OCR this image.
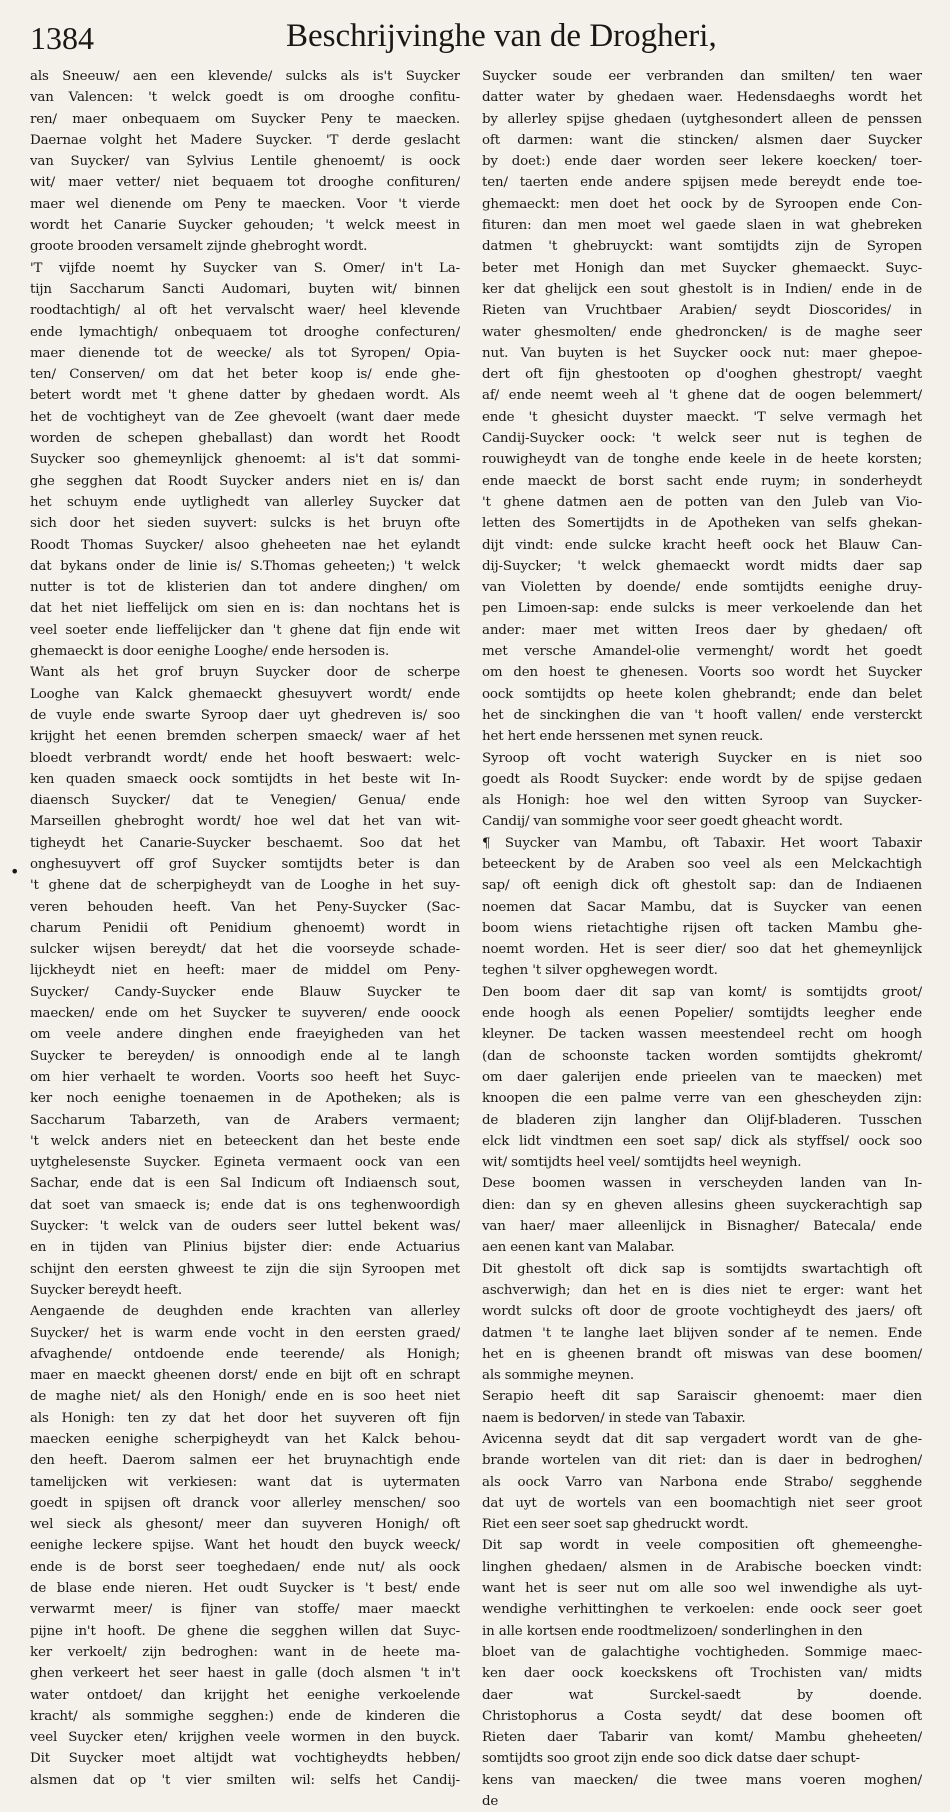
1384	Beschrijvinghe van de Drogheri,
•
als Sneeuw/ aen een klevende/ sulcks als is't Suycker
van Valencen: 't welck goedt is om drooghe confitu-
ren/ maer onbequaem om Suycker Peny te maecken.
Daernae volght het Madere Suycker. 'T derde geslacht
van Suycker/ van Sylvius Lentile ghenoemt/ is oock
wit/ maer vetter/ niet bequaem tot drooghe confituren/
maer wel dienende om Peny te maecken. Voor 't vierde
wordt het Canarie Suycker gehouden; 't welck meest in
groote brooden versamelt zijnde ghebroght wordt.
'T vijfde noemt hy Suycker van S. Omer/ in't La-
tijn Saccharum Sancti Audomari, buyten wit/ binnen
roodtachtigh/ al oft het vervalscht waer/ heel klevende
ende lymachtigh/ onbequaem tot drooghe confecturen/
maer dienende tot de weecke/ als tot Syropen/ Opia-
ten/ Conserven/ om dat het beter koop is/ ende ghe-
betert wordt met 't ghene datter by ghedaen wordt. Als
het de vochtigheyt van de Zee ghevoelt (want daer mede
worden de schepen gheballast) dan wordt het Roodt
Suycker soo ghemeynlijck ghenoemt: al is't dat sommi-
ghe segghen dat Roodt Suycker anders niet en is/ dan
het schuym ende uytlighedt van allerley Suycker dat
sich door het sieden suyvert: sulcks is het bruyn ofte
Roodt Thomas Suycker/ alsoo gheheeten nae het eylandt
dat bykans onder de linie is/ S.Thomas geheeten;) 't welck
nutter is tot de klisterien dan tot andere dinghen/ om
dat het niet lieffelijck om sien en is: dan nochtans het is
veel soeter ende lieffelijcker dan 't ghene dat fijn ende wit
ghemaeckt is door eenighe Looghe/ ende hersoden is.
Want als het grof bruyn Suycker door de scherpe
Looghe van Kalck ghemaeckt ghesuyvert wordt/ ende
de vuyle ende swarte Syroop daer uyt ghedreven is/ soo
krijght het eenen bremden scherpen smaeck/ waer af het
bloedt verbrandt wordt/ ende het hooft beswaert: welc-
ken quaden smaeck oock somtijdts in het beste wit In-
diaensch Suycker/ dat te Venegien/ Genua/ ende
Marseillen ghebroght wordt/ hoe wel dat het van wit-
tigheydt het Canarie-Suycker beschaemt. Soo dat het
onghesuyvert off grof Suycker somtijdts beter is dan
't ghene dat de scherpigheydt van de Looghe in het suy-
veren behouden heeft. Van het Peny-Suycker (Sac-
charum Penidii oft Penidium ghenoemt) wordt in
sulcker wijsen bereydt/ dat het die voorseyde schade-
lijckheydt niet en heeft: maer de middel om Peny-
Suycker/ Candy-Suycker ende Blauw Suycker te
maecken/ ende om het Suycker te suyveren/ ende ooock
om veele andere dinghen ende fraeyigheden van het
Suycker te bereyden/ is onnoodigh ende al te langh
om hier verhaelt te worden. Voorts soo heeft het Suyc-
ker noch eenighe toenaemen in de Apotheken; als is
Saccharum Tabarzeth, van de Arabers vermaent;
't welck anders niet en beteeckent dan het beste ende
uytghelesenste Suycker. Egineta vermaent oock van een
Sachar, ende dat is een Sal Indicum oft Indiaensch sout,
dat soet van smaeck is; ende dat is ons teghenwoordigh
Suycker: 't welck van de ouders seer luttel bekent was/
en in tijden van Plinius bijster dier: ende Actuarius
schijnt den eersten ghweest te zijn die sijn Syroopen met
Suycker bereydt heeft.
Aengaende de deughden ende krachten van allerley
Suycker/ het is warm ende vocht in den eersten graed/
afvaghende/ ontdoende ende teerende/ als Honigh;
maer en maeckt gheenen dorst/ ende en bijt oft en schrapt
de maghe niet/ als den Honigh/ ende en is soo heet niet
als Honigh: ten zy dat het door het suyveren oft fijn
maecken eenighe scherpigheydt van het Kalck behou-
den heeft. Daerom salmen eer het bruynachtigh ende
tamelijcken wit verkiesen: want dat is uytermaten
goedt in spijsen oft dranck voor allerley menschen/ soo
wel sieck als ghesont/ meer dan suyveren Honigh/ oft
eenighe leckere spijse. Want het houdt den buyck weeck/
ende is de borst seer toeghedaen/ ende nut/ als oock
de blase ende nieren. Het oudt Suycker is 't best/ ende
verwarmt meer/ is fijner van stoffe/ maer maeckt
pijne in't hooft. De ghene die segghen willen dat Suyc-
ker verkoelt/ zijn bedroghen: want in de heete ma-
ghen verkeert het seer haest in galle (doch alsmen 't in't
water ontdoet/ dan krijght het eenighe verkoelende
kracht/ als sommighe segghen:) ende de kinderen die
veel Suycker eten/ krijghen veele wormen in den buyck.
Dit Suycker moet altijdt wat vochtigheydts hebben/
alsmen dat op 't vier smilten wil: selfs het Candij-
Suycker soude eer verbranden dan smilten/ ten waer
datter water by ghedaen waer. Hedensdaeghs wordt het
by allerley spijse ghedaen (uytghesondert alleen de penssen
oft darmen: want die stincken/ alsmen daer Suycker
by doet:) ende daer worden seer lekere koecken/ toer-
ten/ taerten ende andere spijsen mede bereydt ende toe-
ghemaeckt: men doet het oock by de Syroopen ende Con-
fituren: dan men moet wel gaede slaen in wat ghebreken
datmen 't ghebruyckt: want somtijdts zijn de Syropen
beter met Honigh dan met Suycker ghemaeckt. Suyc-
ker dat ghelijck een sout ghestolt is in Indien/ ende in de
Rieten van Vruchtbaer Arabien/ seydt Dioscorides/ in
water ghesmolten/ ende ghedroncken/ is de maghe seer
nut. Van buyten is het Suycker oock nut: maer ghepoe-
dert oft fijn ghestooten op d'ooghen ghestropt/ vaeght
af/ ende neemt weeh al 't ghene dat de oogen belemmert/
ende 't ghesicht duyster maeckt. 'T selve vermagh het
Candij-Suycker oock: 't welck seer nut is teghen de
rouwigheydt van de tonghe ende keele in de heete korsten;
ende maeckt de borst sacht ende ruym; in sonderheydt
't ghene datmen aen de potten van den Juleb van Vio-
letten des Somertijdts in de Apotheken van selfs ghekan-
dijt vindt: ende sulcke kracht heeft oock het Blauw Can-
dij-Suycker; 't welck ghemaeckt wordt midts daer sap
van Violetten by doende/ ende somtijdts eenighe druy-
pen Limoen-sap: ende sulcks is meer verkoelende dan het
ander: maer met witten Ireos daer by ghedaen/ oft
met versche Amandel-olie vermenght/ wordt het goedt
om den hoest te ghenesen. Voorts soo wordt het Suycker
oock somtijdts op heete kolen ghebrandt; ende dan belet
het de sinckinghen die van 't hooft vallen/ ende versterckt
het hert ende herssenen met synen reuck.
Syroop oft vocht waterigh Suycker en is niet soo
goedt als Roodt Suycker: ende wordt by de spijse gedaen
als Honigh: hoe wel den witten Syroop van Suycker-
Candij/ van sommighe voor seer goedt gheacht wordt.
¶ Suycker van Mambu, oft Tabaxir. Het woort Tabaxir
beteeckent by de Araben soo veel als een Melckachtigh
sap/ oft eenigh dick oft ghestolt sap: dan de Indiaenen
noemen dat Sacar Mambu, dat is Suycker van eenen
boom wiens rietachtighe rijsen oft tacken Mambu ghe-
noemt worden. Het is seer dier/ soo dat het ghemeynlijck
teghen 't silver opghewegen wordt.
Den boom daer dit sap van komt/ is somtijdts groot/
ende hoogh als eenen Popelier/ somtijdts leegher ende
kleyner. De tacken wassen meestendeel recht om hoogh
(dan de schoonste tacken worden somtijdts ghekromt/
om daer galerijen ende prieelen van te maecken) met
knoopen die een palme verre van een ghescheyden zijn:
de bladeren zijn langher dan Olijf-bladeren. Tusschen
elck lidt vindtmen een soet sap/ dick als styffsel/ oock soo
wit/ somtijdts heel veel/ somtijdts heel weynigh.
Dese boomen wassen in verscheyden landen van In-
dien: dan sy en gheven allesins gheen suyckerachtigh sap
van haer/ maer alleenlijck in Bisnagher/ Batecala/ ende
aen eenen kant van Malabar.
Dit ghestolt oft dick sap is somtijdts swartachtigh oft
aschverwigh; dan het en is dies niet te erger: want het
wordt sulcks oft door de groote vochtigheydt des jaers/ oft
datmen 't te langhe laet blijven sonder af te nemen. Ende
het en is gheenen brandt oft miswas van dese boomen/
als sommighe meynen.
Serapio heeft dit sap Saraiscir ghenoemt: maer dien
naem is bedorven/ in stede van Tabaxir.
Avicenna seydt dat dit sap vergadert wordt van de ghe-
brande wortelen van dit riet: dan is daer in bedroghen/
als oock Varro van Narbona ende Strabo/ segghende
dat uyt de wortels van een boomachtigh niet seer groot
Riet een seer soet sap ghedruckt wordt.
Dit sap wordt in veele compositien oft ghemeenghe-
linghen ghedaen/ alsmen in de Arabische boecken vindt:
want het is seer nut om alle soo wel inwendighe als uyt-
wendighe verhittinghen te verkoelen: ende oock seer goet
in alle kortsen ende roodtmelizoen/ sonderlinghen in den
bloet van de galachtighe vochtigheden. Sommige maec-
ken daer oock koeckskens oft Trochisten van/ midts
daer wat Surckel-saedt by doende.
Christophorus a Costa seydt/ dat dese boomen oft
Rieten daer Tabarir van komt/ Mambu gheheeten/
somtijdts soo groot zijn ende soo dick datse daer schupt-
kens van maecken/ die twee mans voeren moghen/
de
